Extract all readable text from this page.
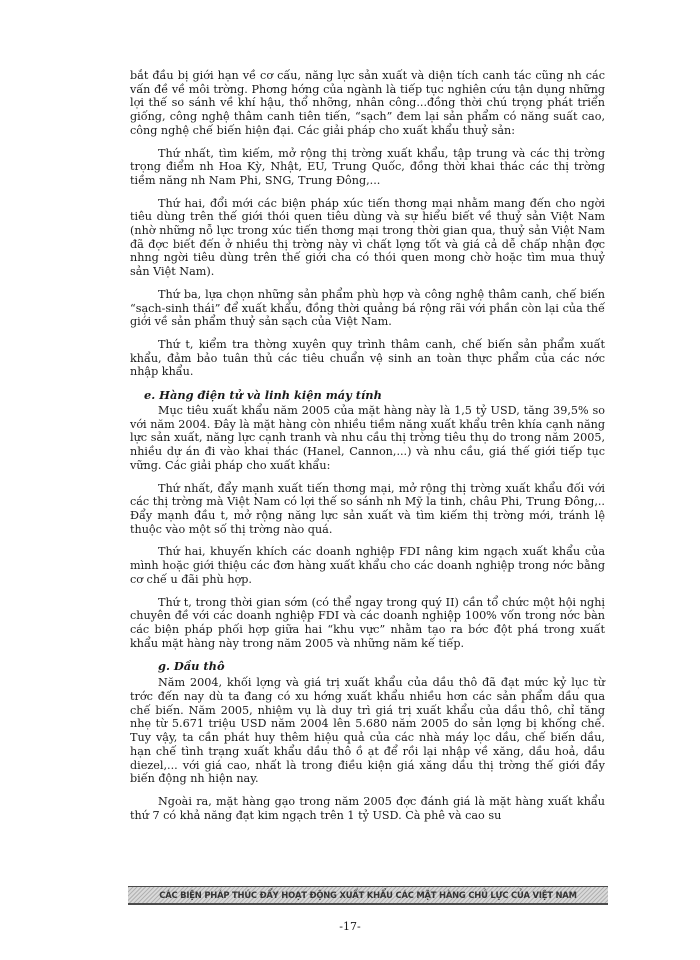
bắt đầu bị giới hạn về cơ cấu, năng lực sản xuất và diện tích canh tác cũng nh các vấn đề về môi trờng. Phơng hớng của ngành là tiếp tục nghiên cứu tận dụng những lợi thế so sánh về khí hậu, thổ nhỡng, nhân công...đồng thời chú trọng phát triển giống, công nghệ thâm canh tiên tiến, “sạch” đem lại sản phẩm có năng suất cao, công nghệ chế biến hiện đại. Các giải pháp cho xuất khẩu thuỷ sản:

Thứ nhất, tìm kiếm, mở rộng thị trờng xuất khẩu, tập trung và các thị trờng trọng điểm nh Hoa Kỳ, Nhật, EU, Trung Quốc, đồng thời khai thác các thị trờng tiềm năng nh Nam Phi, SNG, Trung Đông,...

Thứ hai, đổi mới các biện pháp xúc tiến thơng mại nhằm mang đến cho ngời tiêu dùng trên thế giới thói quen tiêu dùng và sự hiểu biết về thuỷ sản Việt Nam (nhờ những nỗ lực trong xúc tiến thơng mại trong thời gian qua, thuỷ sản Việt Nam đã đợc biết đến ở nhiều thị trờng này vì chất lợng tốt và giá cả dễ chấp nhận đợc nhng ngời tiêu dùng trên thế giới cha có thói quen mong chờ hoặc tìm mua thuỷ sản Việt Nam).

Thứ ba, lựa chọn những sản phẩm phù hợp và công nghệ thâm canh, chế biến “sạch-sinh thái” để xuất khẩu, đồng thời quảng bá rộng rãi với phần còn lại của thế giới về sản phẩm thuỷ sản sạch của Việt Nam.

Thứ t, kiểm tra thờng xuyên quy trình thâm canh, chế biến sản phẩm xuất khẩu, đảm bảo tuân thủ các tiêu chuẩn vệ sinh an toàn thực phẩm của các nớc nhập khẩu.

e. Hàng điện tử và linh kiện máy tính

Mục tiêu xuất khẩu năm 2005 của mặt hàng này là 1,5 tỷ USD, tăng 39,5% so với năm 2004. Đây là mặt hàng còn nhiều tiềm năng xuất khẩu trên khía cạnh năng lực sản xuất, năng lực cạnh tranh và nhu cầu thị trờng tiêu thụ do trong năm 2005, nhiều dự án đi vào khai thác (Hanel, Cannon,...) và nhu cầu, giá thế giới tiếp tục vững. Các giải pháp cho xuất khẩu:

Thứ nhất, đẩy mạnh xuất tiến thơng mại, mở rộng thị trờng xuất khẩu đối với các thị trờng mà Việt Nam có lợi thế so sánh nh Mỹ la tinh, châu Phi, Trung Đông,.. Đẩy mạnh đầu t, mở rộng năng lực sản xuất và tìm kiếm thị trờng mới, tránh lệ thuộc vào một số thị trờng nào quá.

Thứ hai, khuyến khích các doanh nghiệp FDI nâng kim ngạch xuất khẩu của mình hoặc giới thiệu các đơn hàng xuất khẩu cho các doanh nghiệp trong nớc bằng cơ chế u đãi phù hợp.

Thứ t, trong thời gian sớm (có thể ngay trong quý II) cần tổ chức một hội nghị chuyên đề với các doanh nghiệp FDI và các doanh nghiệp 100% vốn trong nớc bàn các biện pháp phối hợp giữa hai “khu vực” nhằm tạo ra bớc đột phá trong xuất khẩu mặt hàng này trong năm 2005 và những năm kế tiếp.

g. Dầu thô

Năm 2004, khối lợng và giá trị xuất khẩu của dầu thô đã đạt mức kỷ lục từ trớc đến nay dù ta đang có xu hớng xuất khẩu nhiều hơn các sản phẩm dầu qua chế biến. Năm 2005, nhiệm vụ là duy trì giá trị xuất khẩu của dầu thô, chỉ tăng nhẹ từ 5.671 triệu USD năm 2004 lên 5.680 năm 2005 do sản lợng bị khống chế. Tuy vậy, ta cần phát huy thêm hiệu quả của các nhà máy lọc dầu, chế biến dầu, hạn chế tình trạng xuất khẩu dầu thô ồ ạt để rồi lại nhập về xăng, dầu hoả, dầu diezel,... với giá cao, nhất là trong điều kiện giá xăng dầu thị trờng thế giới đầy biến động nh hiện nay.

Ngoài ra, mặt hàng gạo trong năm 2005 đợc đánh giá là mặt hàng xuất khẩu thứ 7 có khả năng đạt kim ngạch trên 1 tỷ USD. Cà phê và cao su

CÁC BIỆN PHÁP THÚC ĐẨY HOẠT ĐỘNG XUẤT KHẨU CÁC MẶT HÀNG CHỦ LỰC CỦA VIỆT NAM
-17-
